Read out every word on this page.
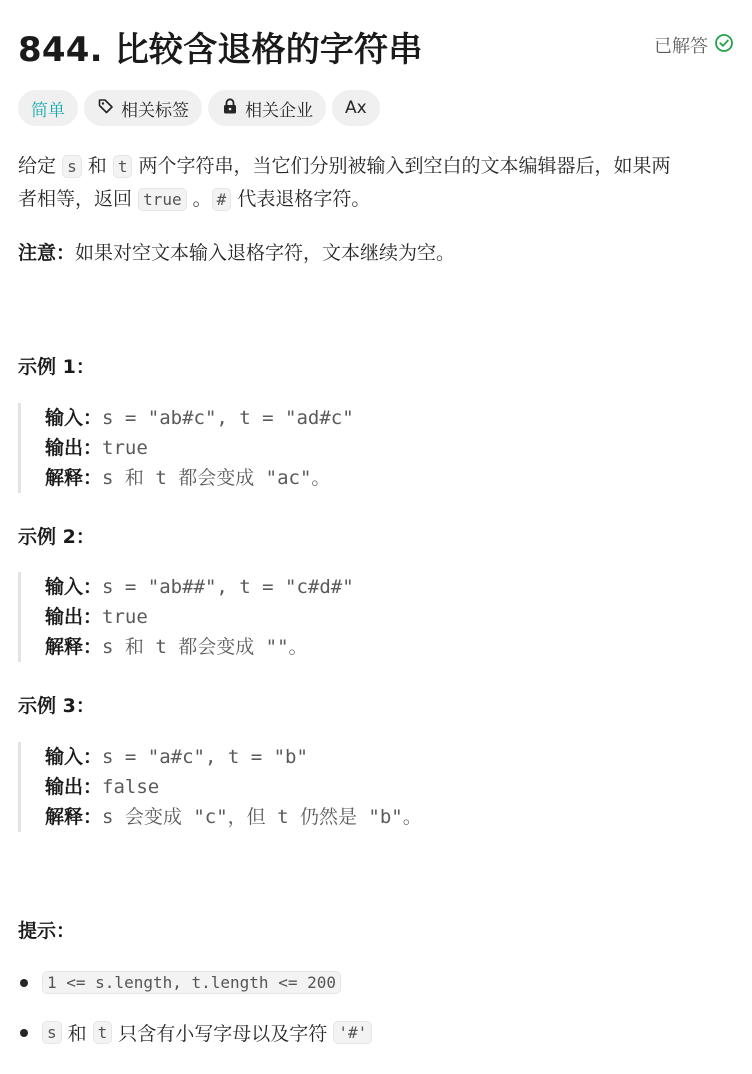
844. 比较含退格的字符串	已解答
简单	相关标签	相关企业 Ax

给定 s 和 t 两个字符串，当它们分别被输入到空白的文本编辑器后，如果两
者相等，返回 true 。 # 代表退格字符。

注意：如果对空文本输入退格字符，文本继续为空。

示例 1：
输入：s = "ab#c", t = "ad#c"
输出：true
解释：s 和 t 都会变成 "ac"。
示例 2：
输入：s = "ab##", t = "c#d#"
输出：true
解释：s 和 t 都会变成 ""。
示例 3：
输入：s = "a#c", t = "b"
输出：false
解释：s 会变成 "c"，但 t 仍然是 "b"。
提示：
1 <= s.length, t.length <= 200
s 和 t 只含有小写字母以及字符 '#'
